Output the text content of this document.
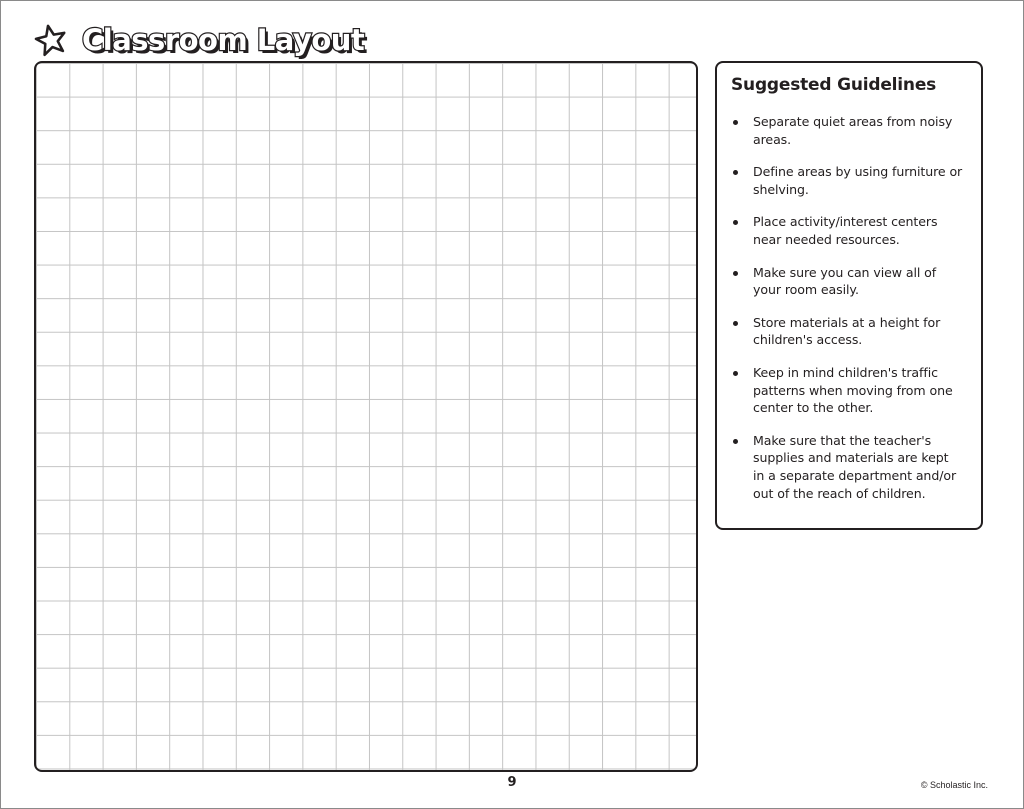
Classroom Layout
Suggested Guidelines
Separate quiet areas from noisy areas.
Define areas by using furniture or shelving.
Place activity/interest centers near needed resources.
Make sure you can view all of your room easily.
Store materials at a height for children's access.
Keep in mind children's traffic patterns when moving from one center to the other.
Make sure that the teacher's supplies and materials are kept in a separate department and/or out of the reach of children.
9	© Scholastic Inc.
